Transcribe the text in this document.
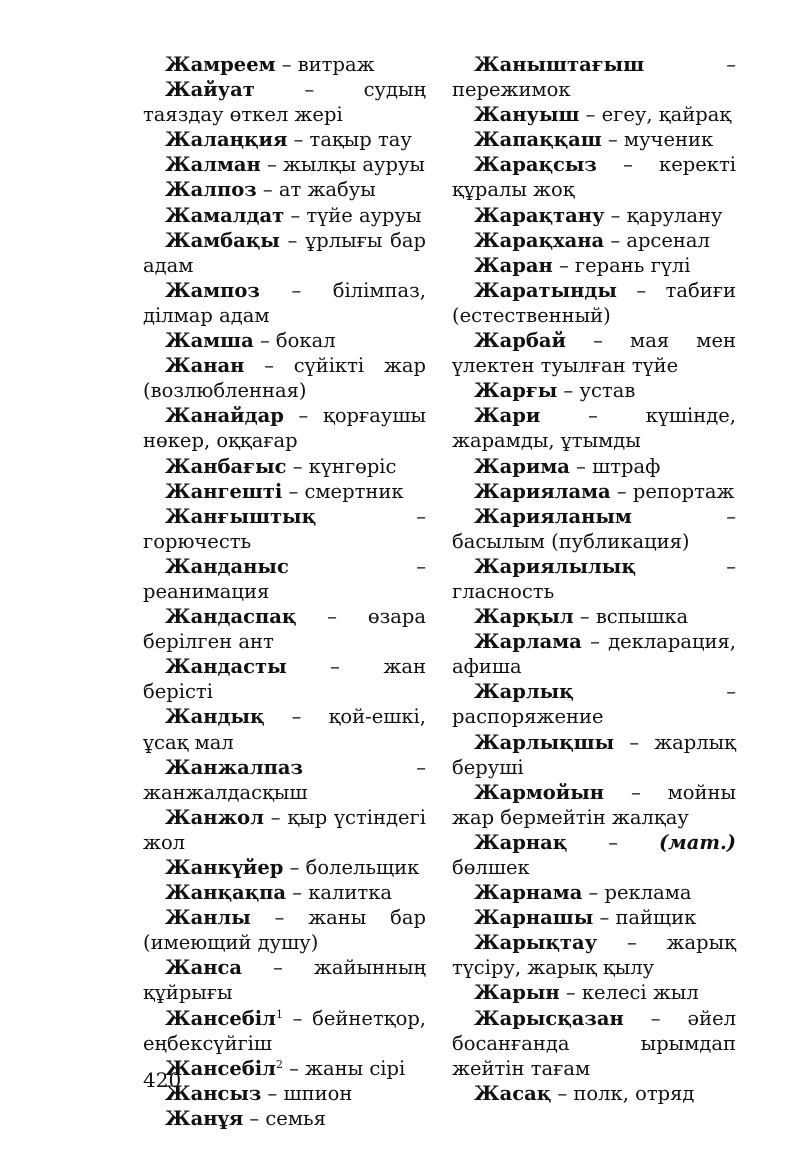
Жамреем – витраж

Жайуат – судың таяздау өткел жері

Жалаңқия – тақыр тау

Жалман – жылқы ауруы

Жалпоз – ат жабуы

Жамалдат – түйе ауруы

Жамбақы – ұрлығы бар адам

Жампоз – білімпаз, ділмар адам

Жамша – бокал

Жанан – сүйікті жар (возлюбленная)

Жанайдар – қорғаушы нөкер, оққағар

Жанбағыс – күнгөріс

Жангешті – смертник

Жанғыштық – горючесть

Жанданыс – реанимация

Жандаспақ – өзара берілген ант

Жандасты – жан берісті

Жандық – қой-ешкі, ұсақ мал

Жанжалпаз – жанжалдасқыш

Жанжол – қыр үстіндегі жол

Жанкүйер – болельщик

Жанқақпа – калитка

Жанлы – жаны бар (имеющий душу)

Жанса – жайынның құйрығы

Жансебіл$^1$ – бейнетқор, еңбексүйгіш

Жансебіл$^2$ – жаны сірі

Жансыз – шпион

Жанұя – семья

Жаныштағыш – пережимок

Жануыш – егеу, қайрақ

Жапаққаш – мученик

Жарақсыз – керекті құралы жоқ

Жарақтану – қарулану

Жарақхана – арсенал

Жаран – герань гүлі

Жаратынды – табиғи (естественный)

Жарбай – мая мен үлектен туылған түйе

Жарғы – устав

Жари – күшінде, жарамды, ұтымды

Жарима – штраф

Жариялама – репортаж

Жарияланым – басылым (публикация)

Жариялылық – гласность

Жарқыл – вспышка

Жарлама – декларация, афиша

Жарлық – распоряжение

Жарлықшы – жарлық беруші

Жармойын – мойны жар бермейтін жалқау

Жарнақ – (мат.) бөлшек

Жарнама – реклама

Жарнашы – пайщик

Жарықтау – жарық түсіру, жарық қылу

Жарын – келесі жыл

Жарысқазан – әйел босанғанда ырымдап жейтін тағам

Жасақ – полк, отряд

420
